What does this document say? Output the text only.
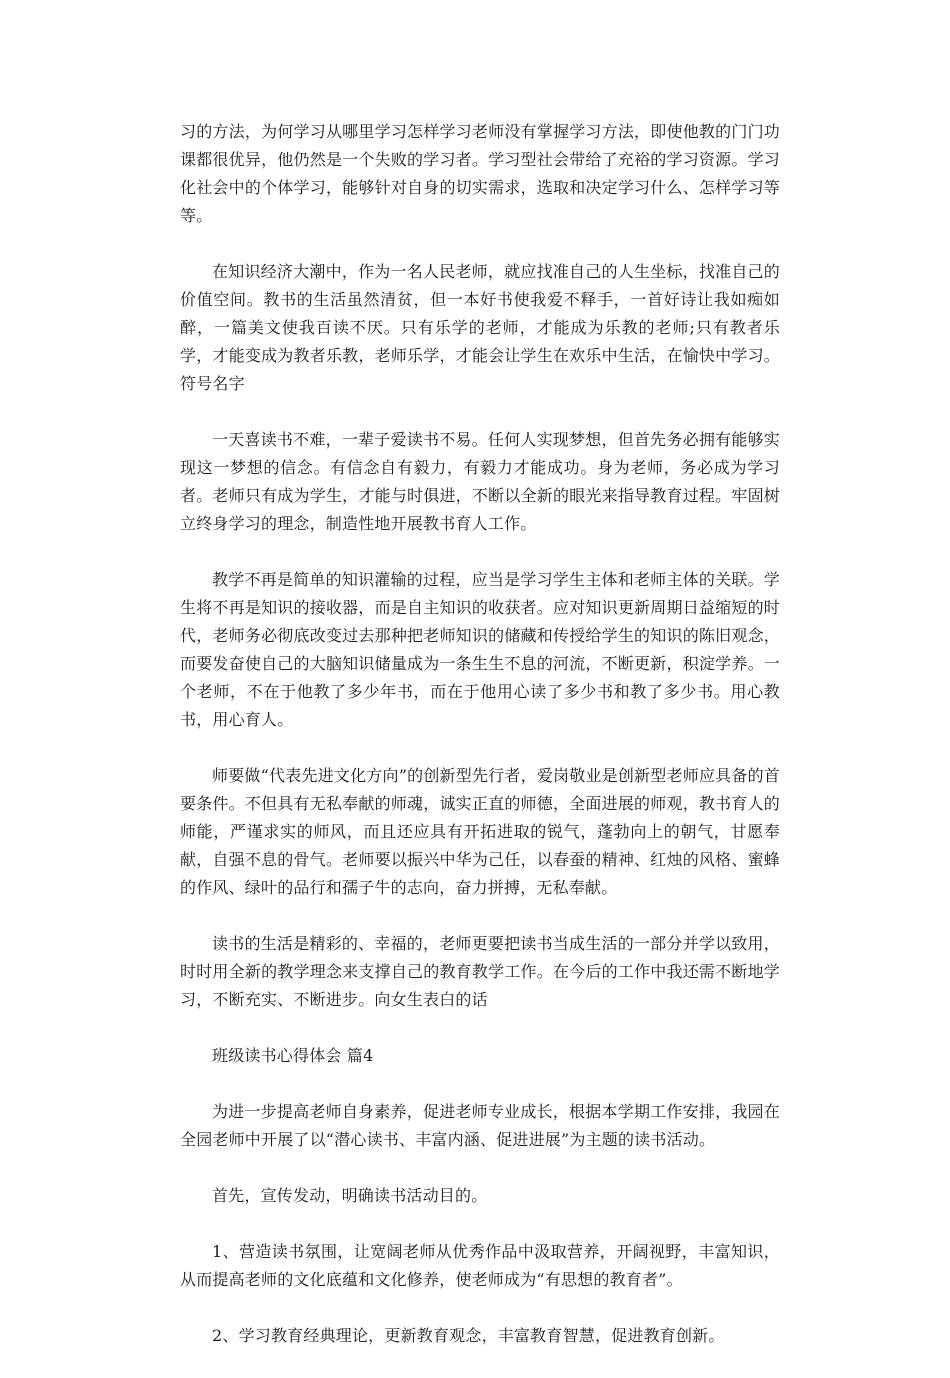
习的方法，为何学习从哪里学习怎样学习老师没有掌握学习方法，即使他教的门门功课都很优异，他仍然是一个失败的学习者。学习型社会带给了充裕的学习资源。学习化社会中的个体学习，能够针对自身的切实需求，选取和决定学习什么、怎样学习等等。

在知识经济大潮中，作为一名人民老师，就应找准自己的人生坐标，找准自己的价值空间。教书的生活虽然清贫，但一本好书使我爱不释手，一首好诗让我如痴如醉，一篇美文使我百读不厌。只有乐学的老师，才能成为乐教的老师;只有教者乐学，才能变成为教者乐教，老师乐学，才能会让学生在欢乐中生活，在愉快中学习。符号名字

一天喜读书不难，一辈子爱读书不易。任何人实现梦想，但首先务必拥有能够实现这一梦想的信念。有信念自有毅力，有毅力才能成功。身为老师，务必成为学习者。老师只有成为学生，才能与时俱进，不断以全新的眼光来指导教育过程。牢固树立终身学习的理念，制造性地开展教书育人工作。

教学不再是简单的知识灌输的过程，应当是学习学生主体和老师主体的关联。学生将不再是知识的接收器，而是自主知识的收获者。应对知识更新周期日益缩短的时代，老师务必彻底改变过去那种把老师知识的储藏和传授给学生的知识的陈旧观念，而要发奋使自己的大脑知识储量成为一条生生不息的河流，不断更新，积淀学养。一个老师，不在于他教了多少年书，而在于他用心读了多少书和教了多少书。用心教书，用心育人。

师要做“代表先进文化方向”的创新型先行者，爱岗敬业是创新型老师应具备的首要条件。不但具有无私奉献的师魂，诚实正直的师德，全面进展的师观，教书育人的师能，严谨求实的师风，而且还应具有开拓进取的锐气，蓬勃向上的朝气，甘愿奉献，自强不息的骨气。老师要以振兴中华为己任，以春蚕的精神、红烛的风格、蜜蜂的作风、绿叶的品行和孺子牛的志向，奋力拼搏，无私奉献。

读书的生活是精彩的、幸福的，老师更要把读书当成生活的一部分并学以致用，时时用全新的教学理念来支撑自己的教育教学工作。在今后的工作中我还需不断地学习，不断充实、不断进步。向女生表白的话

班级读书心得体会 篇4

为进一步提高老师自身素养，促进老师专业成长，根据本学期工作安排，我园在全园老师中开展了以“潜心读书、丰富内涵、促进进展”为主题的读书活动。

首先，宣传发动，明确读书活动目的。

1、营造读书氛围，让宽阔老师从优秀作品中汲取营养，开阔视野，丰富知识，从而提高老师的文化底蕴和文化修养，使老师成为“有思想的教育者”。

2、学习教育经典理论，更新教育观念，丰富教育智慧，促进教育创新。
